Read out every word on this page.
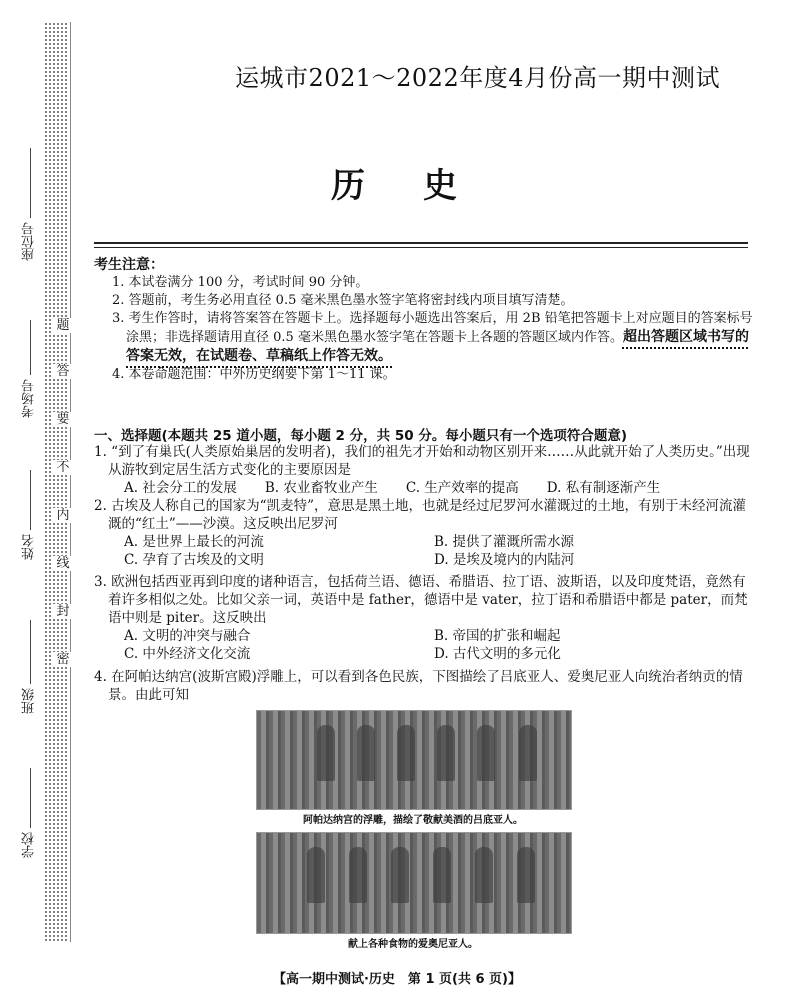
座位号
考场号
姓名
班级
学校
题
答
要
不
内
线
封
密
运城市2021～2022年度4月份高一期中测试
历 史
考生注意：
1. 本试卷满分 100 分，考试时间 90 分钟。
2. 答题前，考生务必用直径 0.5 毫米黑色墨水签字笔将密封线内项目填写清楚。
3. 考生作答时，请将答案答在答题卡上。选择题每小题选出答案后，用 2B 铅笔把答题卡上对应题目的答案标号涂黑；非选择题请用直径 0.5 毫米黑色墨水签字笔在答题卡上各题的答题区域内作答。超出答题区域书写的答案无效，在试题卷、草稿纸上作答无效。
4. 本卷命题范围：中外历史纲要下第 1～11 课。
一、选择题(本题共 25 道小题，每小题 2 分，共 50 分。每小题只有一个选项符合题意)
1. “到了有巢氏(人类原始巢居的发明者)，我们的祖先才开始和动物区别开来……从此就开始了人类历史。”出现从游牧到定居生活方式变化的主要原因是
A. 社会分工的发展 B. 农业畜牧业产生 C. 生产效率的提高 D. 私有制逐渐产生
2. 古埃及人称自己的国家为“凯麦特”，意思是黑土地，也就是经过尼罗河水灌溉过的土地，有别于未经河流灌溉的“红土”——沙漠。这反映出尼罗河
A. 是世界上最长的河流	B. 提供了灌溉所需水源
C. 孕育了古埃及的文明	D. 是埃及境内的内陆河
3. 欧洲包括西亚再到印度的诸种语言，包括荷兰语、德语、希腊语、拉丁语、波斯语，以及印度梵语，竟然有着许多相似之处。比如父亲一词，英语中是 father，德语中是 vater，拉丁语和希腊语中都是 pater，而梵语中则是 piter。这反映出
A. 文明的冲突与融合	B. 帝国的扩张和崛起
C. 中外经济文化交流	D. 古代文明的多元化
4. 在阿帕达纳宫(波斯宫殿)浮雕上，可以看到各色民族，下图描绘了吕底亚人、爱奥尼亚人向统治者纳贡的情景。由此可知
阿帕达纳宫的浮雕，描绘了敬献美酒的吕底亚人。
献上各种食物的爱奥尼亚人。
【高一期中测试·历史　第 1 页(共 6 页)】
